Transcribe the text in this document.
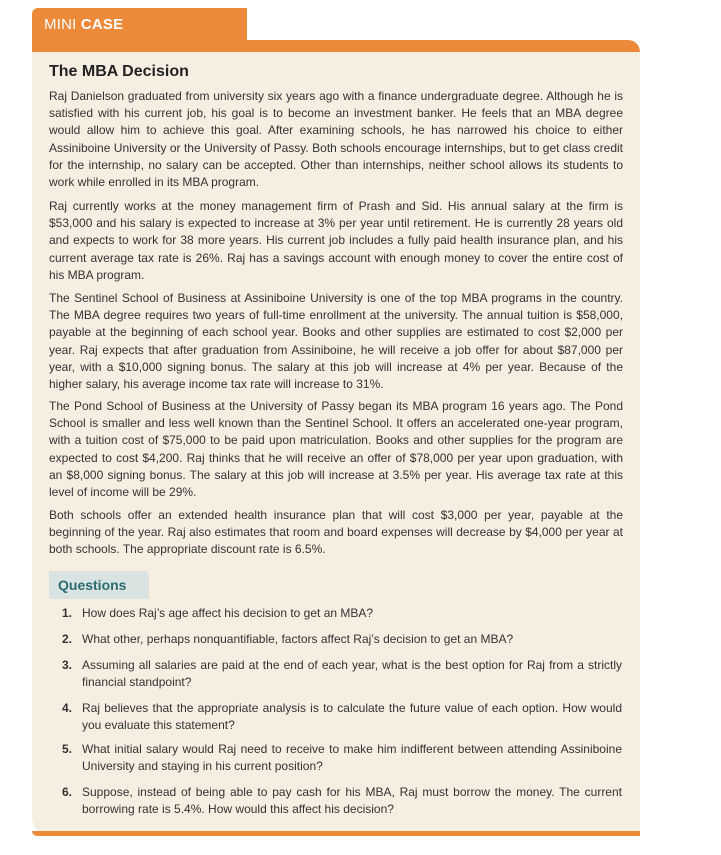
MINI CASE
The MBA Decision

Raj Danielson graduated from university six years ago with a finance undergraduate degree. Although he is satisfied with his current job, his goal is to become an investment banker. He feels that an MBA degree would allow him to achieve this goal. After examining schools, he has narrowed his choice to either Assiniboine University or the University of Passy. Both schools encourage internships, but to get class credit for the internship, no salary can be accepted. Other than internships, neither school allows its students to work while enrolled in its MBA program.

Raj currently works at the money management firm of Prash and Sid. His annual salary at the firm is $53,000 and his salary is expected to increase at 3% per year until retirement. He is currently 28 years old and expects to work for 38 more years. His current job includes a fully paid health insurance plan, and his current average tax rate is 26%. Raj has a savings account with enough money to cover the entire cost of his MBA program.

The Sentinel School of Business at Assiniboine University is one of the top MBA programs in the country. The MBA degree requires two years of full-time enrollment at the university. The annual tuition is $58,000, payable at the beginning of each school year. Books and other supplies are estimated to cost $2,000 per year. Raj expects that after graduation from Assiniboine, he will receive a job offer for about $87,000 per year, with a $10,000 signing bonus. The salary at this job will increase at 4% per year. Because of the higher salary, his average income tax rate will increase to 31%.

The Pond School of Business at the University of Passy began its MBA program 16 years ago. The Pond School is smaller and less well known than the Sentinel School. It offers an accelerated one-year program, with a tuition cost of $75,000 to be paid upon matriculation. Books and other supplies for the program are expected to cost $4,200. Raj thinks that he will receive an offer of $78,000 per year upon graduation, with an $8,000 signing bonus. The salary at this job will increase at 3.5% per year. His average tax rate at this level of income will be 29%.

Both schools offer an extended health insurance plan that will cost $3,000 per year, payable at the beginning of the year. Raj also estimates that room and board expenses will decrease by $4,000 per year at both schools. The appropriate discount rate is 6.5%.

Questions
1. How does Raj’s age affect his decision to get an MBA?
2. What other, perhaps nonquantifiable, factors affect Raj’s decision to get an MBA?
3. Assuming all salaries are paid at the end of each year, what is the best option for Raj from a strictly financial standpoint?
4. Raj believes that the appropriate analysis is to calculate the future value of each option. How would you evaluate this statement?
5. What initial salary would Raj need to receive to make him indifferent between attending Assiniboine University and staying in his current position?
6. Suppose, instead of being able to pay cash for his MBA, Raj must borrow the money. The current borrowing rate is 5.4%. How would this affect his decision?
